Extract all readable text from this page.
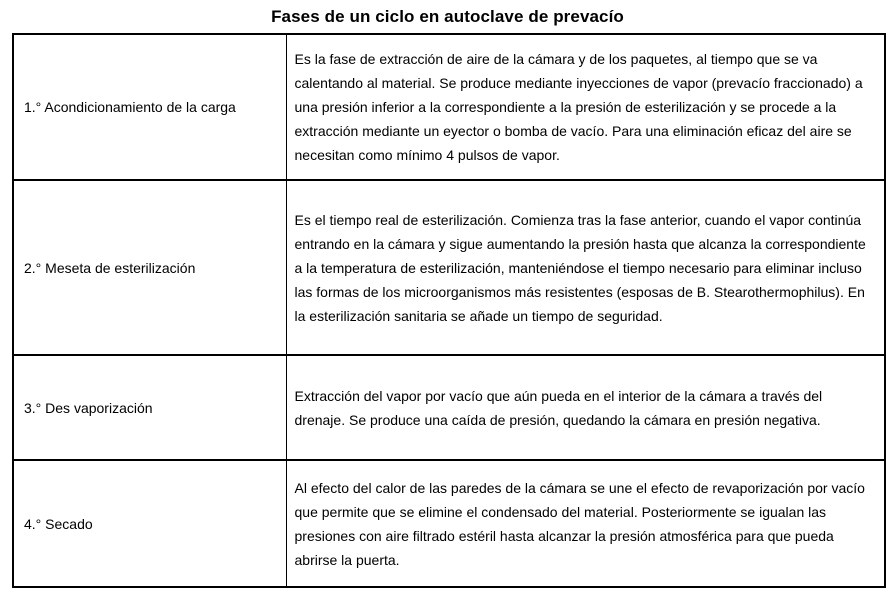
Fases de un ciclo en autoclave de prevacío
1.° Acondicionamiento de la carga	Es la fase de extracción de aire de la cámara y de los paquetes, al tiempo que se va calentando al material. Se produce mediante inyecciones de vapor (prevacío fraccionado) a una presión inferior a la correspondiente a la presión de esterilización y se procede a la extracción mediante un eyector o bomba de vacío. Para una eliminación eficaz del aire se necesitan como mínimo 4 pulsos de vapor.
2.° Meseta de esterilización	Es el tiempo real de esterilización. Comienza tras la fase anterior, cuando el vapor continúa entrando en la cámara y sigue aumentando la presión hasta que alcanza la correspondiente a la temperatura de esterilización, manteniéndose el tiempo necesario para eliminar incluso las formas de los microorganismos más resistentes (esposas de B. Stearothermophilus). En la esterilización sanitaria se añade un tiempo de seguridad.
3.° Des vaporización	Extracción del vapor por vacío que aún pueda en el interior de la cámara a través del drenaje. Se produce una caída de presión, quedando la cámara en presión negativa.
4.° Secado	Al efecto del calor de las paredes de la cámara se une el efecto de revaporización por vacío que permite que se elimine el condensado del material. Posteriormente se igualan las presiones con aire filtrado estéril hasta alcanzar la presión atmosférica para que pueda abrirse la puerta.
